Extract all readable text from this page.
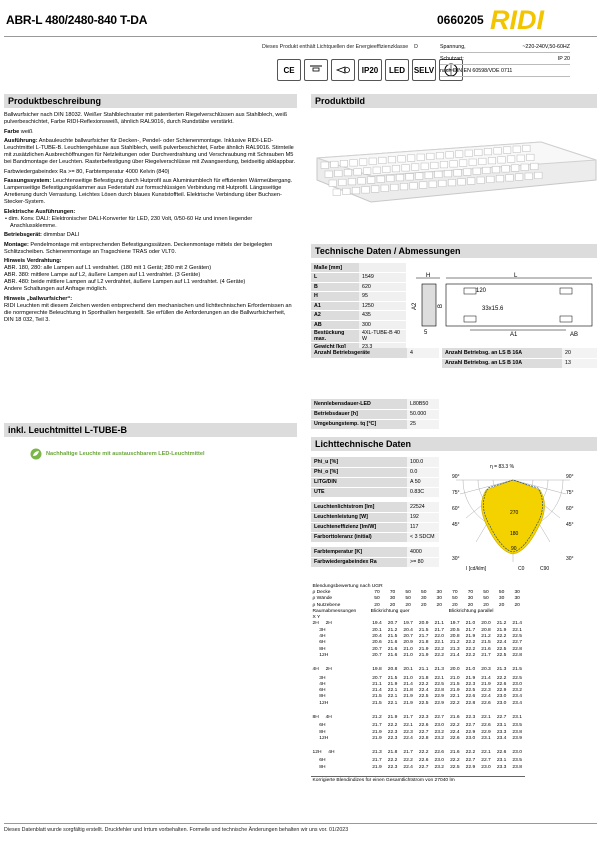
ABR-L 480/2480-840 T-DA	0660205 RIDI
Dieses Produkt enthält Lichtquellen der Energieeffizienzklasse D
CE	IP20	LED	SELV
Spannung,	~220-240V,50-60HZ
Schutzart:	IP 20
nach DIN EN 60598/VDE 0711
Produktbeschreibung

Ballwurfsicher nach DIN 18032. Weißer Stahlblechraster mit patentierten Riegelverschlüssen aus Stahlblech, weiß pulverbeschichtet, Farbe RIDI-Reflexionsweiß, ähnlich RAL9016, durch Rundstäbe verstärkt.

Farbe weiß

Ausführung: Anbauleuchte ballwurfsicher für Decken-, Pendel- oder Schienenmontage. Inklusive RIDI-LED-Leuchtmittel L-TUBE-B. Leuchtengehäuse aus Stahlblech, weiß pulverbeschichtet, Farbe ähnlich RAL9016. Stirnteile mit zusätzlichen Ausbrechöffnungen für Netzleitungen oder Durchverdrahtung und Verschraubung mit Schrauben M5 bei Bandmontage der Leuchten. Rasterbefestigung über Riegelverschlüsse mit Zwangserdung, beidseitig abklappbar.

Farbwiedergabeindex Ra >= 80, Farbtemperatur 4000 Kelvin (840)

Fassungssystem: Leuchtenseitige Befestigung durch Hutprofil aus Aluminiumblech für effizienten Wärmeübergang. Lampenseitige Befestigungsklammer aus Federstahl zur formschlüssigen Verbindung mit Hutprofil. Längsseitige Arretierung durch Verrastung. Leichtes Lösen durch blaues Kunststoffteil. Elektrische Verbindung über Buchsen-Stecker-System.

Elektrische Ausführungen:

• dim. Konv. DALI: Elektronischer DALI-Konverter für LED, 230 Volt, 0/50-60 Hz und innen liegender Anschlussklemme.

Betriebsgerät: dimmbar DALI

Montage: Pendelmontage mit entsprechenden Befestigungssätzen. Deckenmontage mittels der beigelegten Schlitzscheiben. Schienenmontage an Tragschiene TRAS oder VLT0.

Hinweis Verdrahtung:

ABR. 180, 280: alle Lampen auf L1 verdrahtet. (180 mit 1 Gerät; 280 mit 2 Geräten)

ABR. 380: mittlere Lampe auf L2, äußere Lampen auf L1 verdrahtet. (3 Geräte)

ABR. 480: beide mittlere Lampen auf L2 verdrahtet, äußere Lampen auf L1 verdrahtet. (4 Geräte)

Andere Schaltungen auf Anfrage möglich.

Hinweis „ballwurfsicher“:

RIDI Leuchten mit diesem Zeichen werden entsprechend den mechanischen und lichttechnischen Erfordernissen an die normgerechte Beleuchtung in Sporthallen hergestellt. Sie erfüllen die Anforderungen an die Ballwurfsicherheit, DIN 18 032, Teil 3.

inkl. Leuchtmittel L-TUBE-B
Nachhaltige Leuchte mit austauschbarem LED-Leuchtmittel
Produktbild
Technische Daten / Abmessungen
Maße [mm]	
L	1549
B	620
H	95
A1	1250
A2	435
AB	300
Bestückung max.	4XL-TUBE-B 40 W

H	L
120
33x15.6
A2	B
5	A1	AB
Anzahl Betriebsgeräte	4	Anzahl Betriebsg. an LS B 16A	20
Anzahl Betriebsg. an LS B 10A	13
Nennlebensdauer-LED	L80B50
Betriebsdauer [h]	50.000
Umgebungstemp. tq [°C]	25
Lichttechnische Daten
Phi_u [%]	100.0
Phi_o [%]	0.0
LITG/DIN	A 50
UTE	0.83C
Leuchtenlichtstrom [lm]	22524
Leuchtenleistung [W]	192
Leuchteneffizienz [lm/W]	117
Farborttoleranz (initial)	< 3 SDCM
Farbtemperatur [K]	4000
Farbwiedergabeindex Ra	>= 80
η = 83.3 %
90°	90°
75°	75°
60°	60°
45°	45°
30°	30°
270
180
90
I [cd/klm]	C0	C90
Blendungsbewertung nach UGR										
ρ Decke	70	70	50	50	30	70	70	50	50	30
ρ Wände	50	30	50	30	30	50	30	50	30	30
ρ Nutzebene	20	20	20	20	20	20	20	20	20	20
Raumabmessungen	Blickrichtung quer					Blickrichtung parallel				
X Y										
2H 2H	19.4	20.7	19.7	20.9	21.1	19.7	21.0	20.0	21.2	21.4
3H	20.1	21.2	20.4	21.5	21.7	20.5	21.7	20.8	21.9	22.1
4H	20.4	21.5	20.7	21.7	22.0	20.8	21.9	21.2	22.2	22.5
6H	20.6	21.6	20.9	21.8	22.1	21.2	22.2	21.5	22.4	22.7
8H	20.7	21.6	21.0	21.9	22.2	21.3	22.2	21.6	22.5	22.8
12H	20.7	21.6	21.0	21.9	22.2	21.4	22.2	21.7	22.5	22.8

4H 2H	19.8	20.8	20.1	21.1	21.3	20.0	21.0	20.3	21.3	21.5
3H	20.7	21.5	21.0	21.8	22.1	21.0	21.9	21.4	22.2	22.5
4H	21.1	21.9	21.4	22.2	22.5	21.5	22.3	21.9	22.6	23.0
6H	21.4	22.1	21.8	22.4	22.8	21.9	22.5	22.3	22.9	23.2
8H	21.5	22.1	21.9	22.5	22.9	22.1	22.6	22.4	23.0	23.4
12H	21.5	22.1	21.9	22.5	22.9	22.2	22.8	22.6	23.0	23.4

8H 4H	21.2	21.9	21.7	22.3	22.7	21.6	22.3	22.1	22.7	23.1
6H	21.7	22.2	22.1	22.6	23.0	22.2	22.7	22.6	23.1	23.5
8H	21.9	22.3	22.3	22.7	23.2	22.4	22.9	22.9	23.3	23.8
12H	21.9	22.3	22.4	22.8	23.2	22.6	23.0	23.1	23.4	23.9

12H 4H	21.3	21.8	21.7	22.2	22.6	21.6	22.2	22.1	22.6	23.0
6H	21.7	22.2	22.2	22.6	23.0	22.2	22.7	22.7	23.1	23.5
8H	21.9	22.3	22.4	22.7	23.2	22.5	22.9	23.0	23.3	23.8

Korrigierte Blendindizes für einen Gesamtlichtstrom von 27040 lm										
Dieses Datenblatt wurde sorgfältig erstellt. Druckfehler und Irrtum vorbehalten. Formelle und technische Änderungen behalten wir uns vor. 01/2023
